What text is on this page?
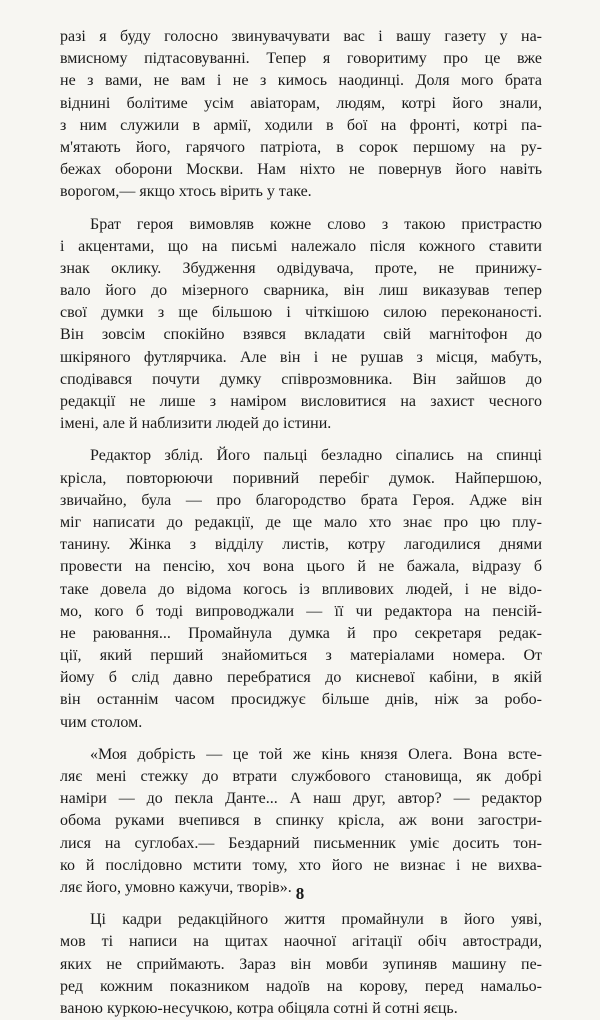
разі я буду голосно звинувачувати вас і вашу газету у на-
вмисному підтасовуванні. Тепер я говоритиму про це вже
не з вами, не вам і не з кимось наодинці. Доля мого брата
віднині болітиме усім авіаторам, людям, котрі його знали,
з ним служили в армії, ходили в бої на фронті, котрі па-
м'ятають його, гарячого патріота, в сорок першому на ру-
бежах оборони Москви. Нам ніхто не повернув його навіть
ворогом,— якщо хтось вірить у таке.
Брат героя вимовляв кожне слово з такою пристрастю
і акцентами, що на письмі належало після кожного ставити
знак оклику. Збудження одвідувача, проте, не принижу-
вало його до мізерного сварника, він лиш виказував тепер
свої думки з ще більшою і чіткішою силою переконаності.
Він зовсім спокійно взявся вкладати свій магнітофон до
шкіряного футлярчика. Але він і не рушав з місця, мабуть,
сподівався почути думку співрозмовника. Він зайшов до
редакції не лише з наміром висловитися на захист чесного
імені, але й наблизити людей до істини.
Редактор зблід. Його пальці безладно сіпались на спинці
крісла, повторюючи поривний перебіг думок. Найпершою,
звичайно, була — про благородство брата Героя. Адже він
міг написати до редакції, де ще мало хто знає про цю плу-
танину. Жінка з відділу листів, котру лагодилися днями
провести на пенсію, хоч вона цього й не бажала, відразу б
таке довела до відома когось із впливових людей, і не відо-
мо, кого б тоді випроводжали — її чи редактора на пенсій-
не раювання... Промайнула думка й про секретаря редак-
ції, який перший знайомиться з матеріалами номера. От
йому б слід давно перебратися до кисневої кабіни, в якій
він останнім часом просиджує більше днів, ніж за робо-
чим столом.
«Моя добрість — це той же кінь князя Олега. Вона встe-
ляє мені стежку до втрати службового становища, як добрі
наміри — до пекла Данте... А наш друг, автор? — редактор
обома руками вчепився в спинку крісла, аж вони загостри-
лися на суглобах.— Бездарний письменник уміє досить тон-
ко й послідовно мстити тому, хто його не визнає і не вихва-
ляє його, умовно кажучи, творів».
Ці кадри редакційного життя промайнули в його уяві,
мов ті написи на щитах наочної агітації обіч автостради,
яких не сприймають. Зараз він мовби зупиняв машину пе-
ред кожним показником надоїв на корову, перед намальо-
ваною куркою-несучкою, котра обіцяла сотні й сотні яєць.
8
